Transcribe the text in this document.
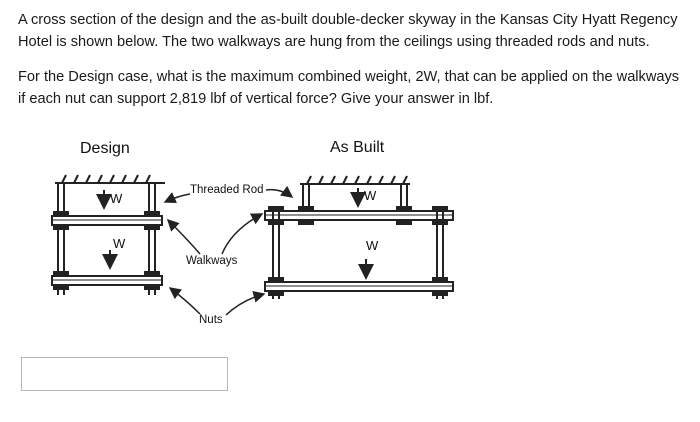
A cross section of the design and the as-built double-decker skyway in the Kansas City Hyatt Regency Hotel is shown below. The two walkways are hung from the ceilings using threaded rods and nuts.

For the Design case, what is the maximum combined weight, 2W, that can be applied on the walkways if each nut can support 2,819 lbf of vertical force? Give your answer in lbf.

Design	As Built
W
W
W
W
Threaded Rod
Walkways
Nuts
